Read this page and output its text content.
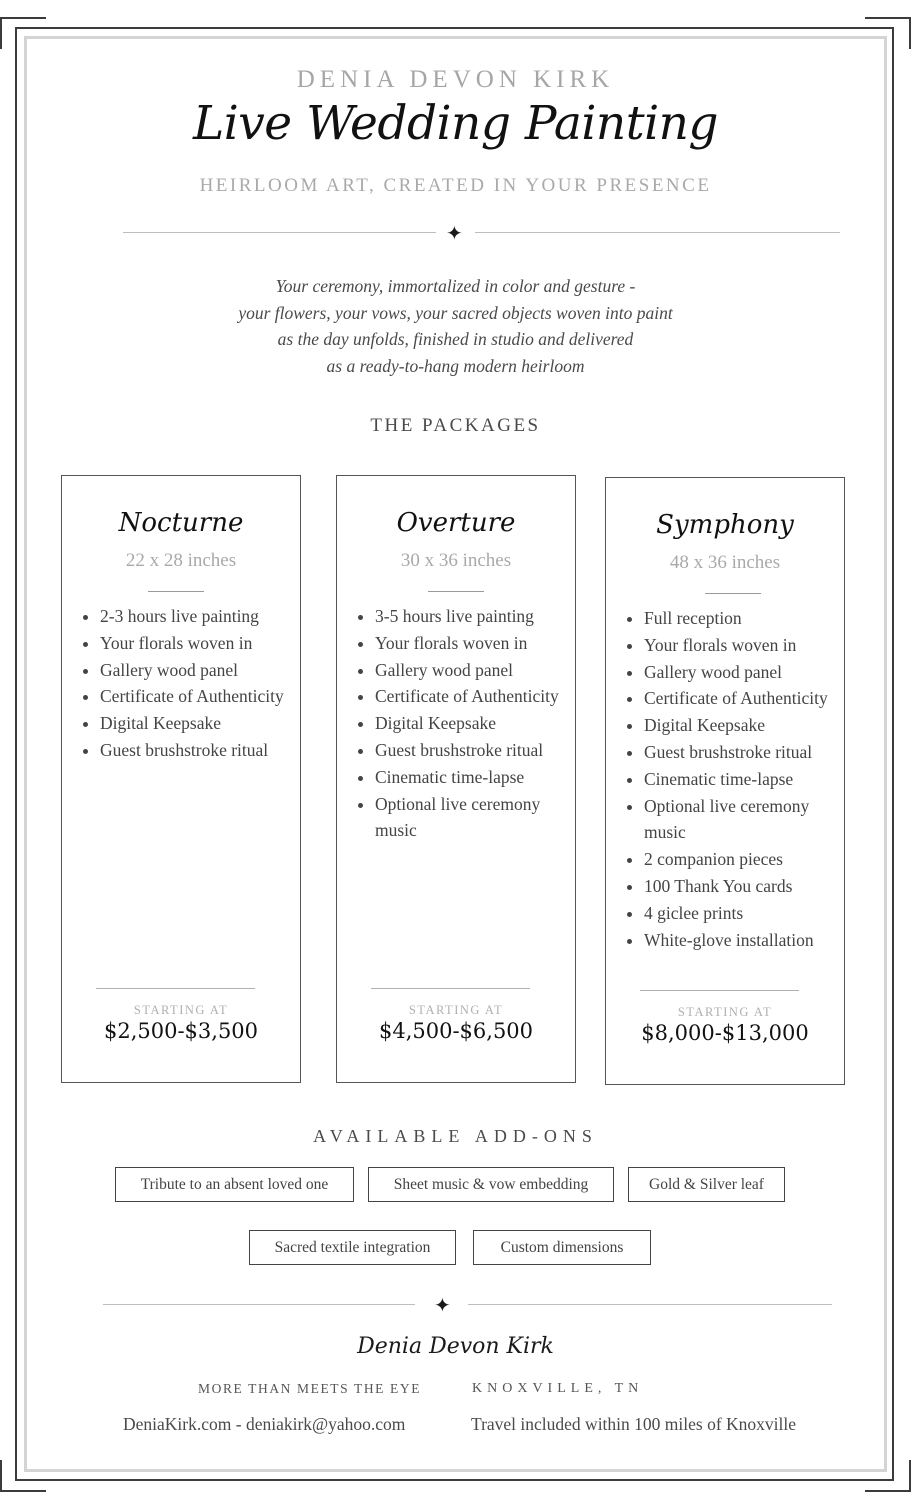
DENIA DEVON KIRK
Live Wedding Painting
HEIRLOOM ART, CREATED IN YOUR PRESENCE
✦
Your ceremony, immortalized in color and gesture -
your flowers, your vows, your sacred objects woven into paint
as the day unfolds, finished in studio and delivered
as a ready-to-hang modern heirloom
THE PACKAGES
Nocturne
22 x 28 inches
• 2-3 hours live painting
• Your florals woven in
• Gallery wood panel
• Certificate of Authenticity
• Digital Keepsake
• Guest brushstroke ritual
STARTING AT
$2,500-$3,500
Overture
30 x 36 inches
• 3-5 hours live painting
• Your florals woven in
• Gallery wood panel
• Certificate of Authenticity
• Digital Keepsake
• Guest brushstroke ritual
• Cinematic time-lapse
• Optional live ceremony music
STARTING AT
$4,500-$6,500
Symphony
48 x 36 inches
• Full reception
• Your florals woven in
• Gallery wood panel
• Certificate of Authenticity
• Digital Keepsake
• Guest brushstroke ritual
• Cinematic time-lapse
• Optional live ceremony music
• 2 companion pieces
• 100 Thank You cards
• 4 giclee prints
• White-glove installation
STARTING AT
$8,000-$13,000
AVAILABLE ADD-ONS
Tribute to an absent loved one	Sheet music & vow embedding	Gold & Silver leaf
Sacred textile integration	Custom dimensions
✦
Denia Devon Kirk
MORE THAN MEETS THE EYE	KNOXVILLE, TN
DeniaKirk.com - deniakirk@yahoo.com	Travel included within 100 miles of Knoxville
